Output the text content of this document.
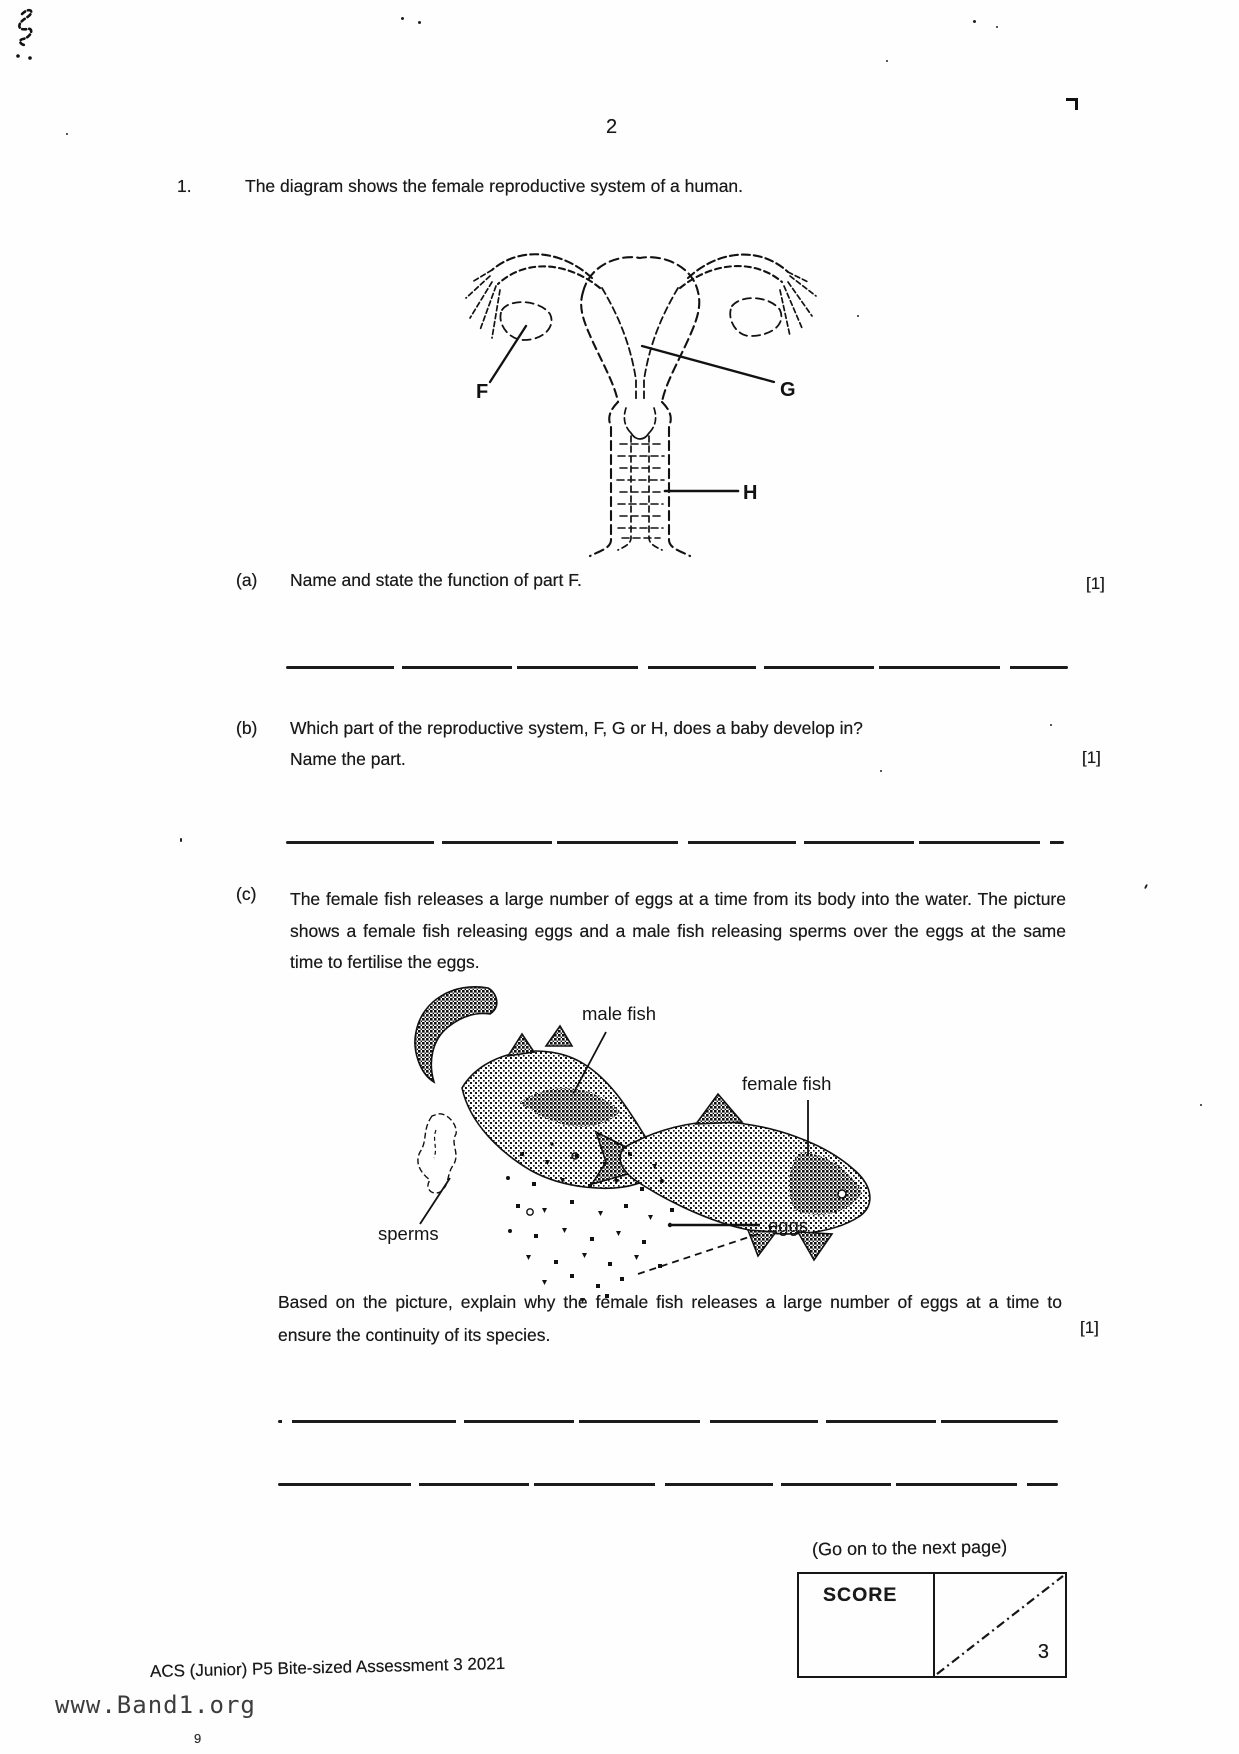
2
1.	The diagram shows the female reproductive system of a human.
F	G
H
(a) Name and state the function of part F.	[1]
(b) Which part of the reproductive system, F, G or H, does a baby develop in?
Name the part.	[1]
(c) The female fish releases a large number of eggs at a time from its body into the water. The picture shows a female fish releasing eggs and a male fish releasing sperms over the eggs at the same time to fertilise the eggs.
male fish
female fish
sperms	eggs
Based on the picture, explain why the female fish releases a large number of eggs at a time to ensure the continuity of its species.	[1]
(Go on to the next page)
SCORE
3
ACS (Junior) P5 Bite-sized Assessment 3 2021
www.Band1.org
9
